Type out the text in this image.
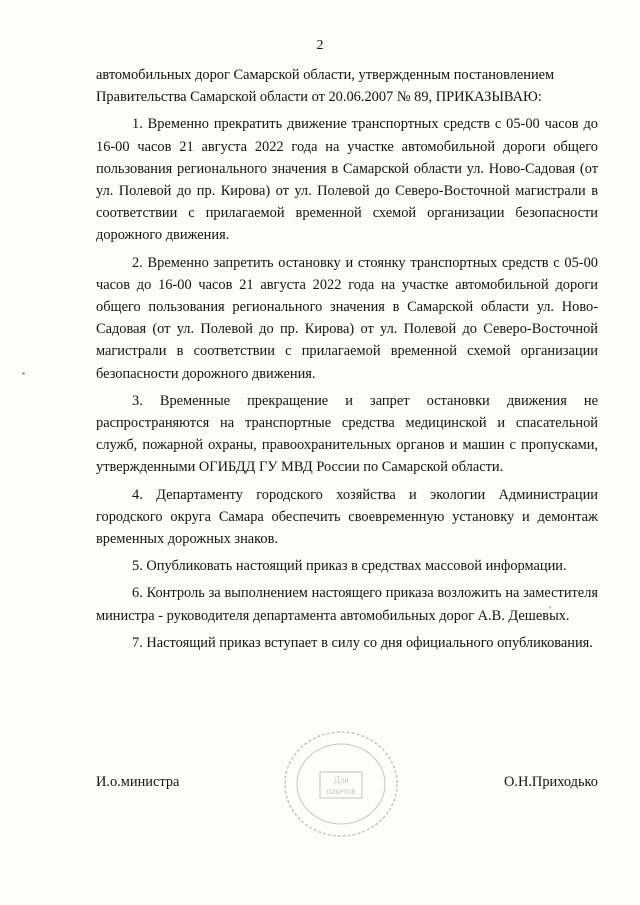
2

автомобильных дорог Самарской области, утвержденным постановлением
Правительства Самарской области от 20.06.2007 № 89, ПРИКАЗЫВАЮ:

1. Временно прекратить движение транспортных средств с 05-00 часов до 16-00 часов 21 августа 2022 года на участке автомобильной дороги общего пользования регионального значения в Самарской области ул. Ново-Садовая (от ул. Полевой до пр. Кирова) от ул. Полевой до Северо-Восточной магистрали в соответствии с прилагаемой временной схемой организации безопасности дорожного движения.

2. Временно запретить остановку и стоянку транспортных средств с 05-00 часов до 16-00 часов 21 августа 2022 года на участке автомобильной дороги общего пользования регионального значения в Самарской области ул. Ново-Садовая (от ул. Полевой до пр. Кирова) от ул. Полевой до Северо-Восточной магистрали в соответствии с прилагаемой временной схемой организации безопасности дорожного движения.

3. Временные прекращение и запрет остановки движения не распространяются на транспортные средства медицинской и спасательной служб, пожарной охраны, правоохранительных органов и машин с пропусками, утвержденными ОГИБДД ГУ МВД России по Самарской области.

4. Департаменту городского хозяйства и экологии Администрации городского округа Самара обеспечить своевременную установку и демонтаж временных дорожных знаков.

5. Опубликовать настоящий приказ в средствах массовой информации.

6. Контроль за выполнением настоящего приказа возложить на заместителя министра - руководителя департамента автомобильных дорог А.В. Дешевых.

7. Настоящий приказ вступает в силу со дня официального опубликования.

Для
пакетов
И.о.министра	О.Н.Приходько
